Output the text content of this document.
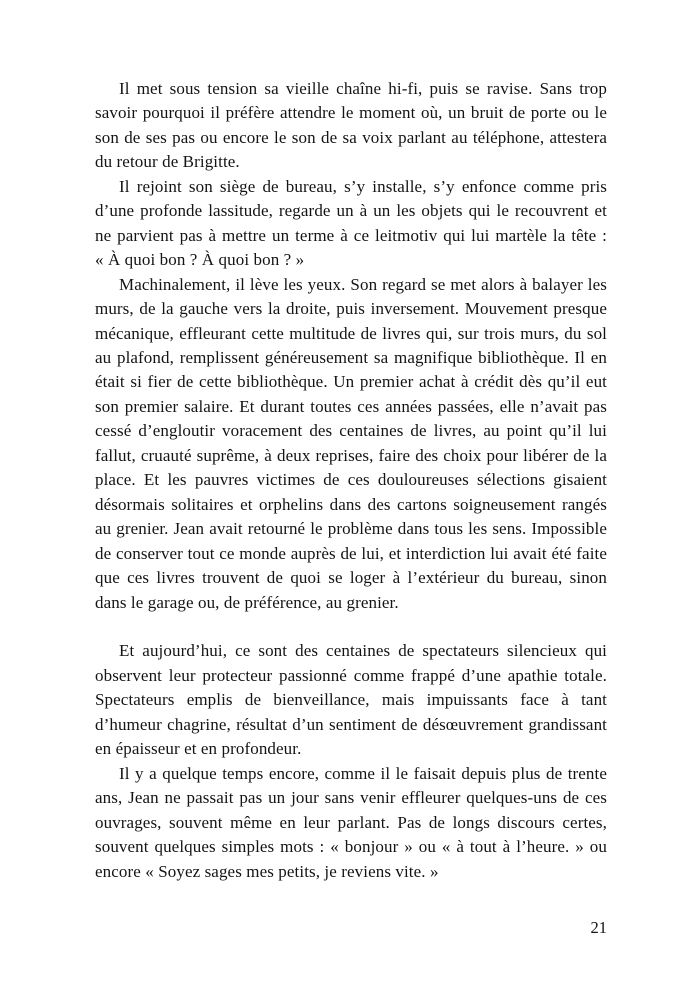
Il met sous tension sa vieille chaîne hi-fi, puis se ravise. Sans trop savoir pourquoi il préfère attendre le moment où, un bruit de porte ou le son de ses pas ou encore le son de sa voix parlant au téléphone, attestera du retour de Brigitte.

Il rejoint son siège de bureau, s’y installe, s’y enfonce comme pris d’une profonde lassitude, regarde un à un les objets qui le recouvrent et ne parvient pas à mettre un terme à ce leitmotiv qui lui martèle la tête : « À quoi bon ? À quoi bon ? »

Machinalement, il lève les yeux. Son regard se met alors à balayer les murs, de la gauche vers la droite, puis inversement. Mouvement presque mécanique, effleurant cette multitude de livres qui, sur trois murs, du sol au plafond, remplissent généreusement sa magnifique bibliothèque. Il en était si fier de cette bibliothèque. Un premier achat à crédit dès qu’il eut son premier salaire. Et durant toutes ces années passées, elle n’avait pas cessé d’engloutir voracement des centaines de livres, au point qu’il lui fallut, cruauté suprême, à deux reprises, faire des choix pour libérer de la place. Et les pauvres victimes de ces douloureuses sélections gisaient désormais solitaires et orphelins dans des cartons soigneusement rangés au grenier. Jean avait retourné le problème dans tous les sens. Impossible de conserver tout ce monde auprès de lui, et interdiction lui avait été faite que ces livres trouvent de quoi se loger à l’extérieur du bureau, sinon dans le garage ou, de préférence, au grenier.

Et aujourd’hui, ce sont des centaines de spectateurs silencieux qui observent leur protecteur passionné comme frappé d’une apathie totale. Spectateurs emplis de bienveillance, mais impuissants face à tant d’humeur chagrine, résultat d’un sentiment de désœuvrement grandissant en épaisseur et en profondeur.

Il y a quelque temps encore, comme il le faisait depuis plus de trente ans, Jean ne passait pas un jour sans venir effleurer quelques-uns de ces ouvrages, souvent même en leur parlant. Pas de longs discours certes, souvent quelques simples mots : « bonjour » ou « à tout à l’heure. » ou encore « Soyez sages mes petits, je reviens vite. »

21
